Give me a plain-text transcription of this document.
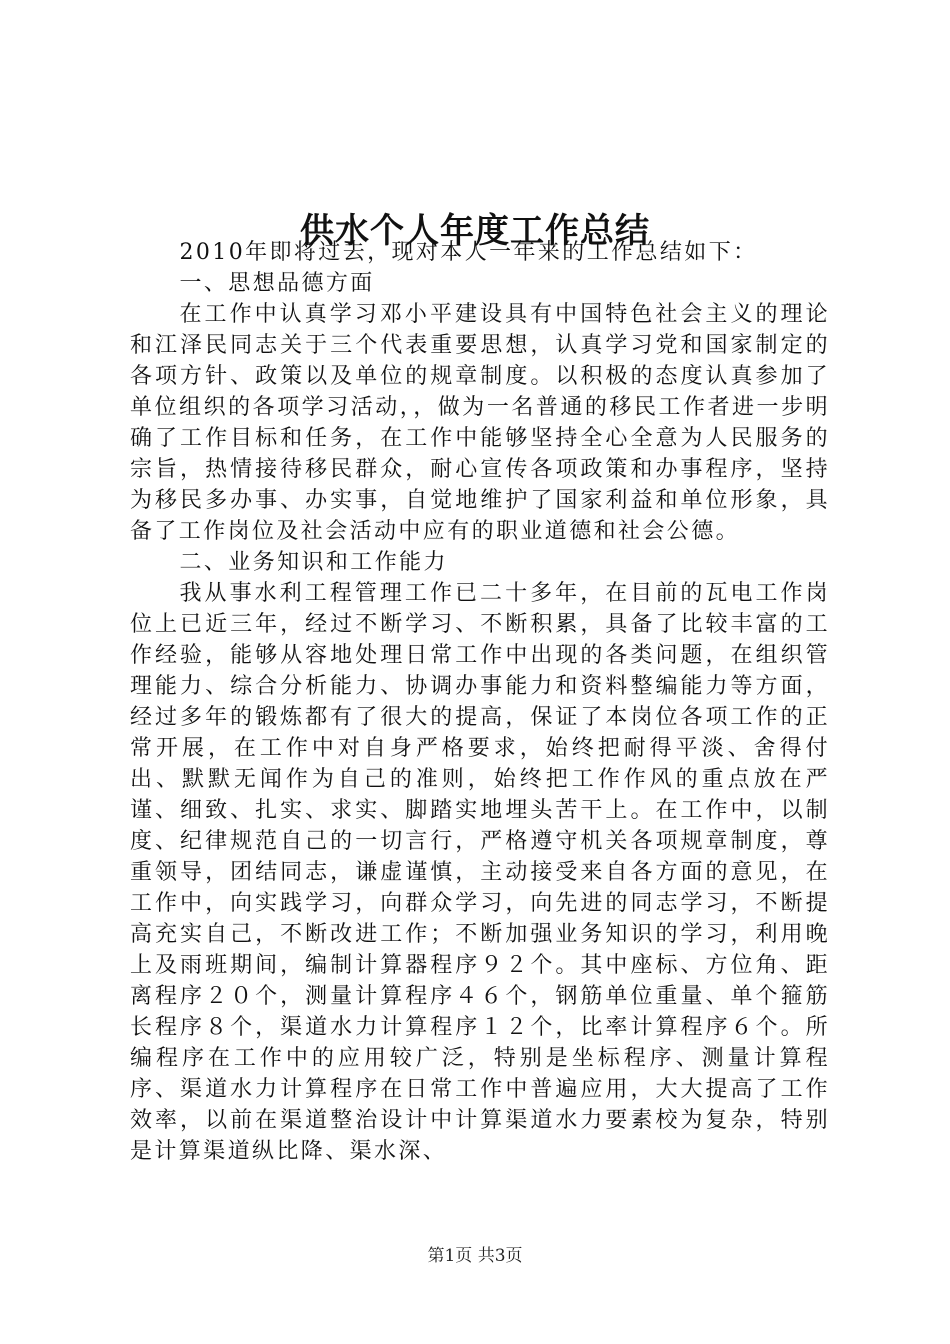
供水个人年度工作总结

2010年即将过去，现对本人一年来的工作总结如下：

一、思想品德方面

在工作中认真学习邓小平建设具有中国特色社会主义的理论和江泽民同志关于三个代表重要思想，认真学习党和国家制定的各项方针、政策以及单位的规章制度。以积极的态度认真参加了单位组织的各项学习活动，，做为一名普通的移民工作者进一步明确了工作目标和任务，在工作中能够坚持全心全意为人民服务的宗旨，热情接待移民群众，耐心宣传各项政策和办事程序，坚持为移民多办事、办实事，自觉地维护了国家利益和单位形象，具备了工作岗位及社会活动中应有的职业道德和社会公德。

二、业务知识和工作能力

我从事水利工程管理工作已二十多年，在目前的瓦电工作岗位上已近三年，经过不断学习、不断积累，具备了比较丰富的工作经验，能够从容地处理日常工作中出现的各类问题，在组织管理能力、综合分析能力、协调办事能力和资料整编能力等方面，经过多年的锻炼都有了很大的提高，保证了本岗位各项工作的正常开展，在工作中对自身严格要求，始终把耐得平淡、舍得付出、默默无闻作为自己的准则，始终把工作作风的重点放在严谨、细致、扎实、求实、脚踏实地埋头苦干上。在工作中，以制度、纪律规范自己的一切言行，严格遵守机关各项规章制度，尊重领导，团结同志，谦虚谨慎，主动接受来自各方面的意见，在工作中，向实践学习，向群众学习，向先进的同志学习，不断提高充实自己，不断改进工作；不断加强业务知识的学习，利用晚上及雨班期间，编制计算器程序９２个。其中座标、方位角、距离程序２０个，测量计算程序４６个，钢筋单位重量、单个箍筋长程序８个，渠道水力计算程序１２个，比率计算程序６个。所编程序在工作中的应用较广泛，特别是坐标程序、测量计算程序、渠道水力计算程序在日常工作中普遍应用，大大提高了工作效率，以前在渠道整治设计中计算渠道水力要素校为复杂，特别是计算渠道纵比降、渠水深、

第1页 共3页
